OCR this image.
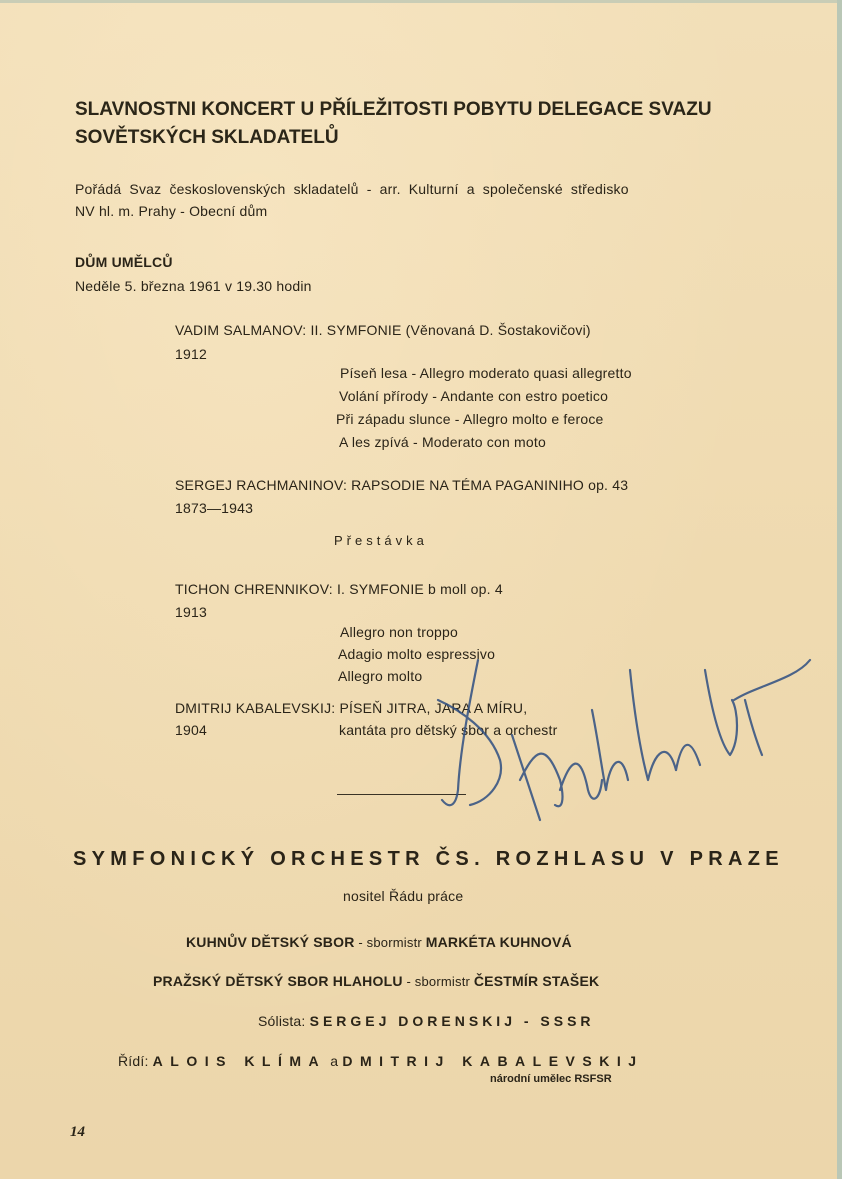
SLAVNOSTNI KONCERT U PŘÍLEŽITOSTI POBYTU DELEGACE SVAZU
SOVĚTSKÝCH SKLADATELŮ
Pořádá Svaz československých skladatelů - arr. Kulturní a společenské středisko
NV hl. m. Prahy - Obecní dům
DŮM UMĚLCŮ
Neděle 5. března 1961 v 19.30 hodin
VADIM SALMANOV: II. SYMFONIE (Věnovaná D. Šostakovičovi)
1912
Píseň lesa - Allegro moderato quasi allegretto
Volání přírody - Andante con estro poetico
Při západu slunce - Allegro molto e feroce
A les zpívá - Moderato con moto
SERGEJ RACHMANINOV: RAPSODIE NA TÉMA PAGANINIHO op. 43
1873—1943
Přestávka
TICHON CHRENNIKOV: I. SYMFONIE b moll op. 4
1913
Allegro non troppo
Adagio molto espressivo
Allegro molto
DMITRIJ KABALEVSKIJ: PÍSEŇ JITRA, JARA A MÍRU,
1904	kantáta pro dětský sbor a orchestr
SYMFONICKÝ ORCHESTR ČS. ROZHLASU V PRAZE
nositel Řádu práce
KUHNŮV DĚTSKÝ SBOR - sbormistr MARKÉTA KUHNOVÁ
PRAŽSKÝ DĚTSKÝ SBOR HLAHOLU - sbormistr ČESTMÍR STAŠEK
Sólista: SERGEJ DORENSKIJ - SSSR
Řídí: ALOIS KLÍMA a DMITRIJ KABALEVSKIJ
národní umělec RSFSR
14
